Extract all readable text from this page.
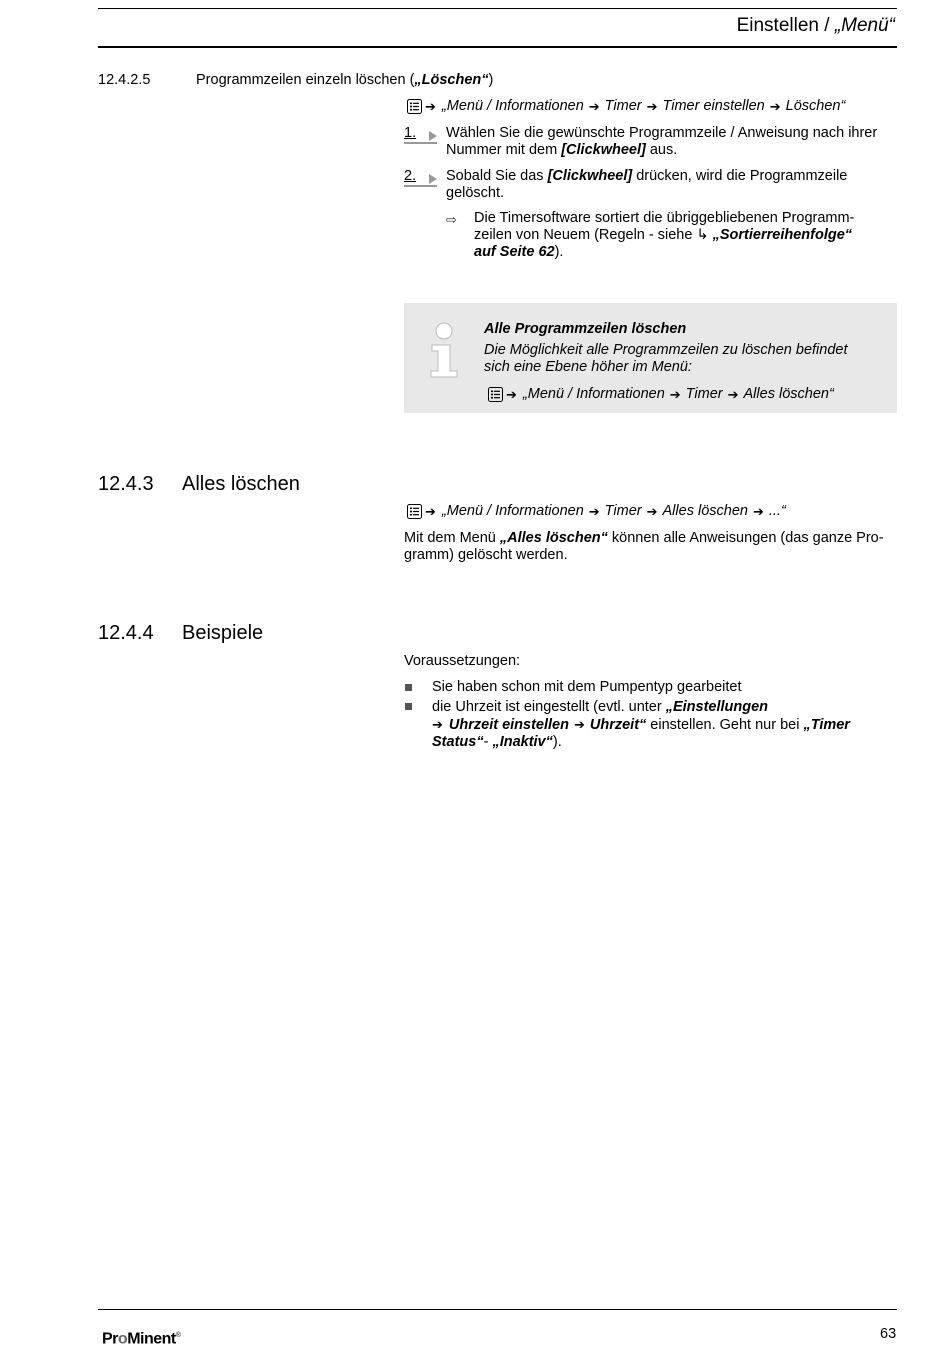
Einstellen / „Menü“
12.4.2.5	Programmzeilen einzeln löschen („Löschen“)
➔ „Menü / Informationen ➔ Timer ➔ Timer einstellen ➔ Löschen“
1. Wählen Sie die gewünschte Programmzeile / Anweisung nach ihrer
Nummer mit dem [Clickwheel] aus.
2. Sobald Sie das [Clickwheel] drücken, wird die Programmzeile
gelöscht.
⇨ Die Timersoftware sortiert die übriggebliebenen Programm-
zeilen von Neuem (Regeln - siehe ↳ „Sortierreihenfolge“
auf Seite 62).
Alle Programmzeilen löschen
Die Möglichkeit alle Programmzeilen zu löschen befindet
sich eine Ebene höher im Menü:
➔ „Menü / Informationen ➔ Timer ➔ Alles löschen“
12.4.3 Alles löschen
➔ „Menü / Informationen ➔ Timer ➔ Alles löschen ➔ ...“
Mit dem Menü „Alles löschen“ können alle Anweisungen (das ganze Pro-
gramm) gelöscht werden.
12.4.4 Beispiele
Voraussetzungen:
Sie haben schon mit dem Pumpentyp gearbeitet
die Uhrzeit ist eingestellt (evtl. unter „Einstellungen
➔ Uhrzeit einstellen ➔ Uhrzeit“ einstellen. Geht nur bei „Timer
Status“- „Inaktiv“).
ProMinent®	63
